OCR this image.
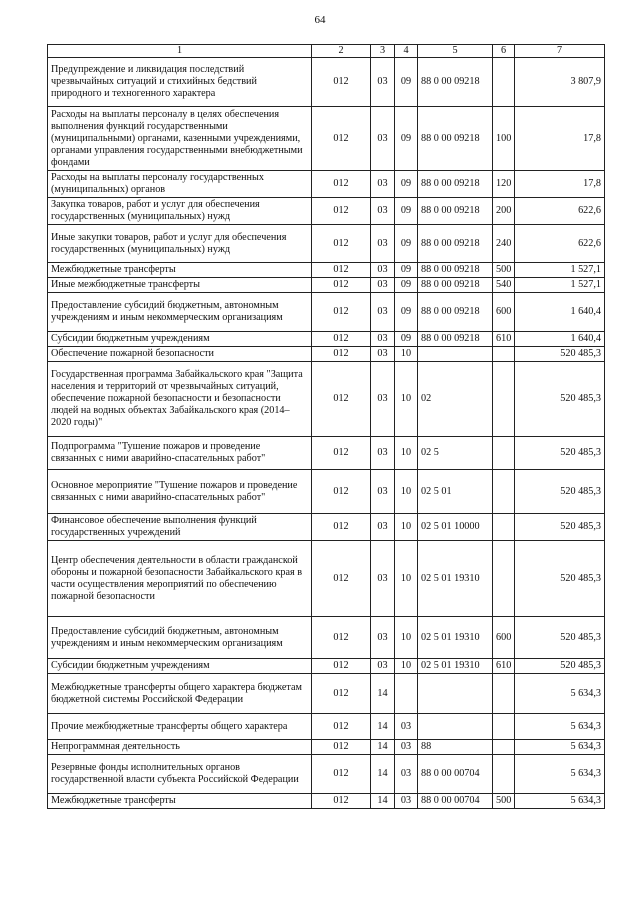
64
1	2	3	4	5	6	7
Предупреждение и ликвидация последствий чрезвычайных ситуаций и стихийных бедствий природного и техногенного характера	012	03	09	88 0 00 09218		3 807,9
Расходы на выплаты персоналу в целях обеспечения выполнения функций государственными (муниципальными) органами, казенными учреждениями, органами управления государственными внебюджетными фондами	012	03	09	88 0 00 09218	100	17,8
Расходы на выплаты персоналу государственных (муниципальных) органов	012	03	09	88 0 00 09218	120	17,8
Закупка товаров, работ и услуг для обеспечения государственных (муниципальных) нужд	012	03	09	88 0 00 09218	200	622,6
Иные закупки товаров, работ и услуг для обеспечения государственных (муниципальных) нужд	012	03	09	88 0 00 09218	240	622,6
Межбюджетные трансферты	012	03	09	88 0 00 09218	500	1 527,1
Иные межбюджетные трансферты	012	03	09	88 0 00 09218	540	1 527,1
Предоставление субсидий бюджетным, автономным учреждениям и иным некоммерческим организациям	012	03	09	88 0 00 09218	600	1 640,4
Субсидии бюджетным учреждениям	012	03	09	88 0 00 09218	610	1 640,4
Обеспечение пожарной безопасности	012	03	10			520 485,3
Государственная программа Забайкальского края "Защита населения и территорий от чрезвычайных ситуаций, обеспечение пожарной безопасности и безопасности людей на водных объектах Забайкальского края (2014–2020 годы)"	012	03	10	02		520 485,3
Подпрограмма "Тушение пожаров и проведение связанных с ними аварийно-спасательных работ"	012	03	10	02 5		520 485,3
Основное мероприятие "Тушение пожаров и проведение связанных с ними аварийно-спасательных работ"	012	03	10	02 5 01		520 485,3
Финансовое обеспечение выполнения функций государственных учреждений	012	03	10	02 5 01 10000		520 485,3
Центр обеспечения деятельности в области гражданской обороны и пожарной безопасности Забайкальского края в части осуществления мероприятий по обеспечению пожарной безопасности	012	03	10	02 5 01 19310		520 485,3
Предоставление субсидий бюджетным, автономным учреждениям и иным некоммерческим организациям	012	03	10	02 5 01 19310	600	520 485,3
Субсидии бюджетным учреждениям	012	03	10	02 5 01 19310	610	520 485,3
Межбюджетные трансферты общего характера бюджетам бюджетной системы Российской Федерации	012	14				5 634,3
Прочие межбюджетные трансферты общего характера	012	14	03			5 634,3
Непрограммная деятельность	012	14	03	88		5 634,3
Резервные фонды исполнительных органов государственной власти субъекта Российской Федерации	012	14	03	88 0 00 00704		5 634,3
Межбюджетные трансферты	012	14	03	88 0 00 00704	500	5 634,3
